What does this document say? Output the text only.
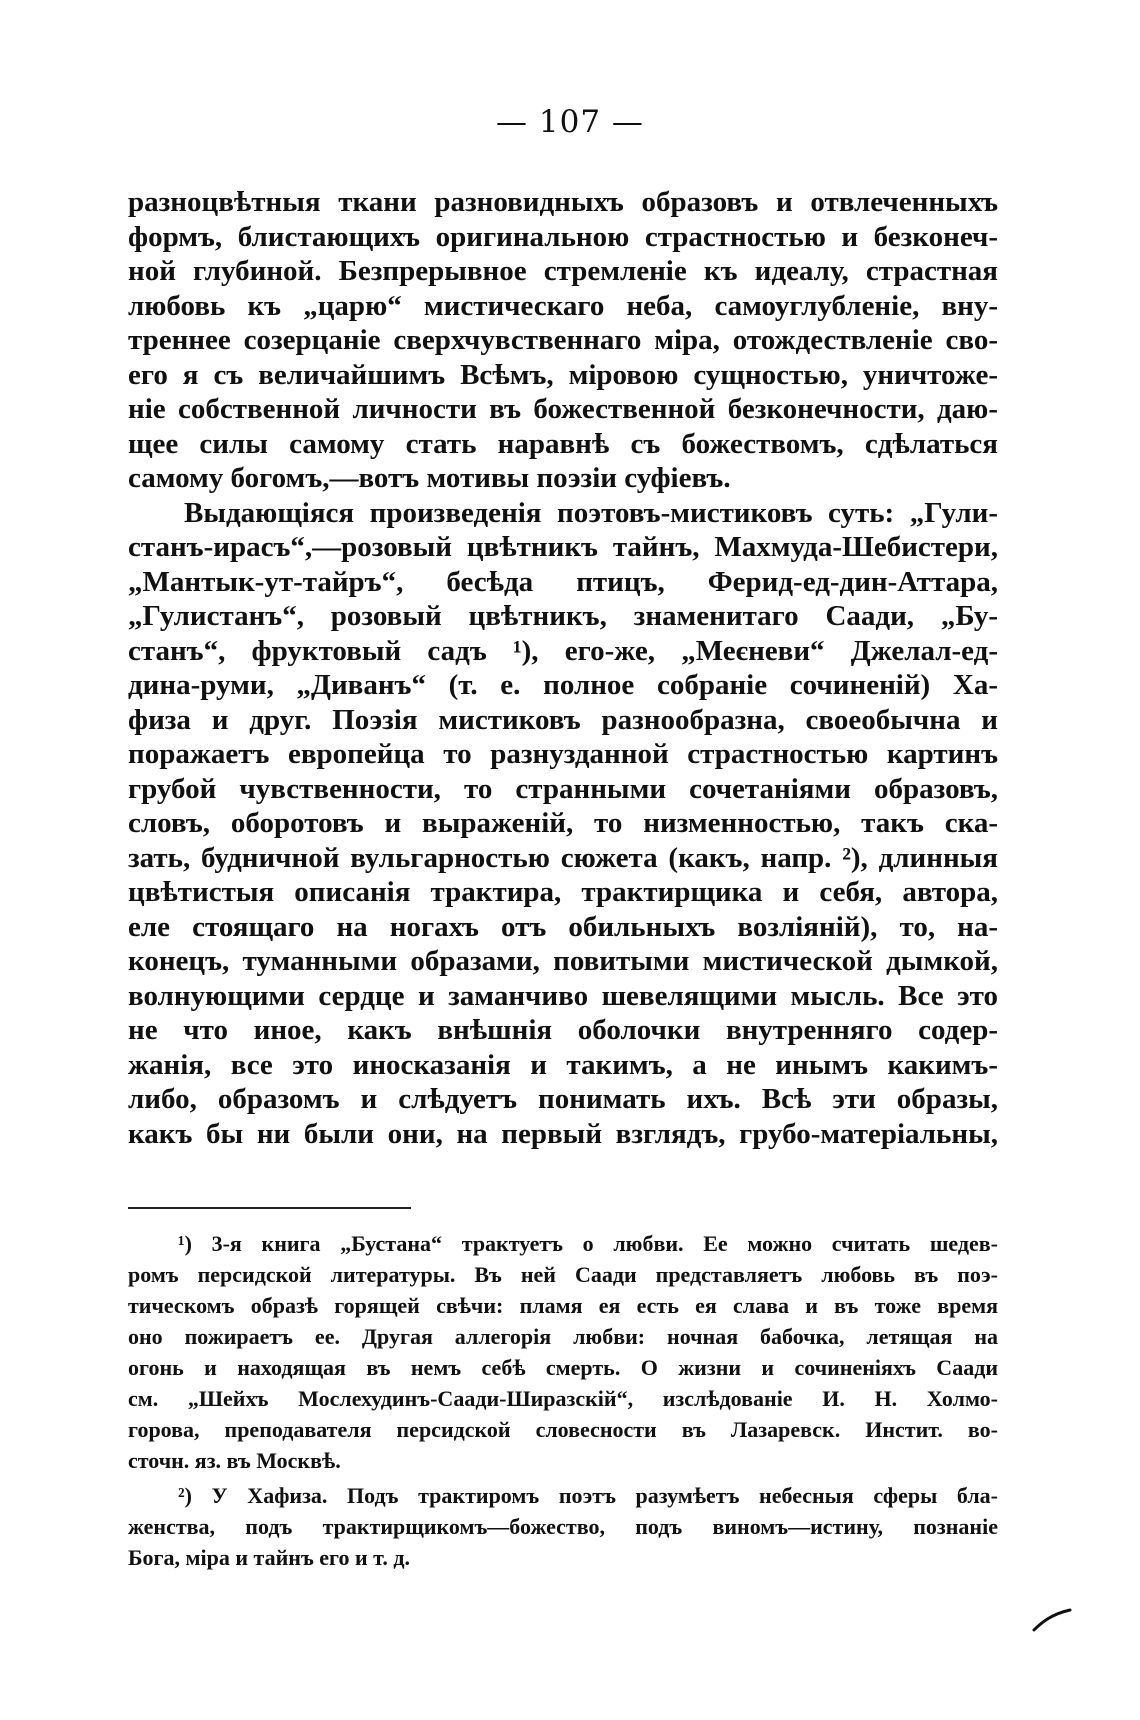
— 107 —
разноцвѣтныя ткани разновидныхъ образовъ и отвлеченныхъ
формъ, блистающихъ оригинальною страстностью и безконеч-
ной глубиной. Безпрерывное стремленіе къ идеалу, страстная
любовь къ „царю“ мистическаго неба, самоуглубленіе, вну-
треннее созерцаніе сверхчувственнаго міра, отождествленіе сво-
его я съ величайшимъ Всѣмъ, міровою сущностью, уничтоже-
ніе собственной личности въ божественной безконечности, даю-
щее силы самому стать наравнѣ съ божествомъ, сдѣлаться
самому богомъ,—вотъ мотивы поэзіи суфіевъ.
Выдающіяся произведенія поэтовъ-мистиковъ суть: „Гули-
станъ-ирасъ“,—розовый цвѣтникъ тайнъ, Махмуда-Шебистери,
„Мантык-ут-тайръ“, бесѣда птицъ, Ферид-ед-дин-Аттара,
„Гулистанъ“, розовый цвѣтникъ, знаменитаго Саади, „Бу-
станъ“, фруктовый садъ ¹), его-же, „Меєневи“ Джелал-ед-
дина-руми, „Диванъ“ (т. е. полное собраніе сочиненій) Ха-
физа и друг. Поэзія мистиковъ разнообразна, своеобычна и
поражаетъ европейца то разнузданной страстностью картинъ
грубой чувственности, то странными сочетаніями образовъ,
словъ, оборотовъ и выраженій, то низменностью, такъ ска-
зать, будничной вульгарностью сюжета (какъ, напр. ²), длинныя
цвѣтистыя описанія трактира, трактирщика и себя, автора,
еле стоящаго на ногахъ отъ обильныхъ возліяній), то, на-
конецъ, туманными образами, повитыми мистической дымкой,
волнующими сердце и заманчиво шевелящими мысль. Все это
не что иное, какъ внѣшнія оболочки внутренняго содер-
жанія, все это иносказанія и такимъ, а не инымъ какимъ-
либо, образомъ и слѣдуетъ понимать ихъ. Всѣ эти образы,
какъ бы ни были они, на первый взглядъ, грубо-матеріальны,
¹) 3-я книга „Бустана“ трактуетъ о любви. Ее можно считать шедев-
ромъ персидской литературы. Въ ней Саади представляетъ любовь въ поэ-
тическомъ образѣ горящей свѣчи: пламя ея есть ея слава и въ тоже время
оно пожираетъ ее. Другая аллегорія любви: ночная бабочка, летящая на
огонь и находящая въ немъ себѣ смерть. О жизни и сочиненіяхъ Саади
см. „Шейхъ Мослехудинъ-Саади-Ширазскій“, изслѣдованіе И. Н. Холмо-
горова, преподавателя персидской словесности въ Лазаревск. Инстит. во-
сточн. яз. въ Москвѣ.
²) У Хафиза. Подъ трактиромъ поэтъ разумѣетъ небесныя сферы бла-
женства, подъ трактирщикомъ—божество, подъ виномъ—истину, познаніе
Бога, міра и тайнъ его и т. д.
